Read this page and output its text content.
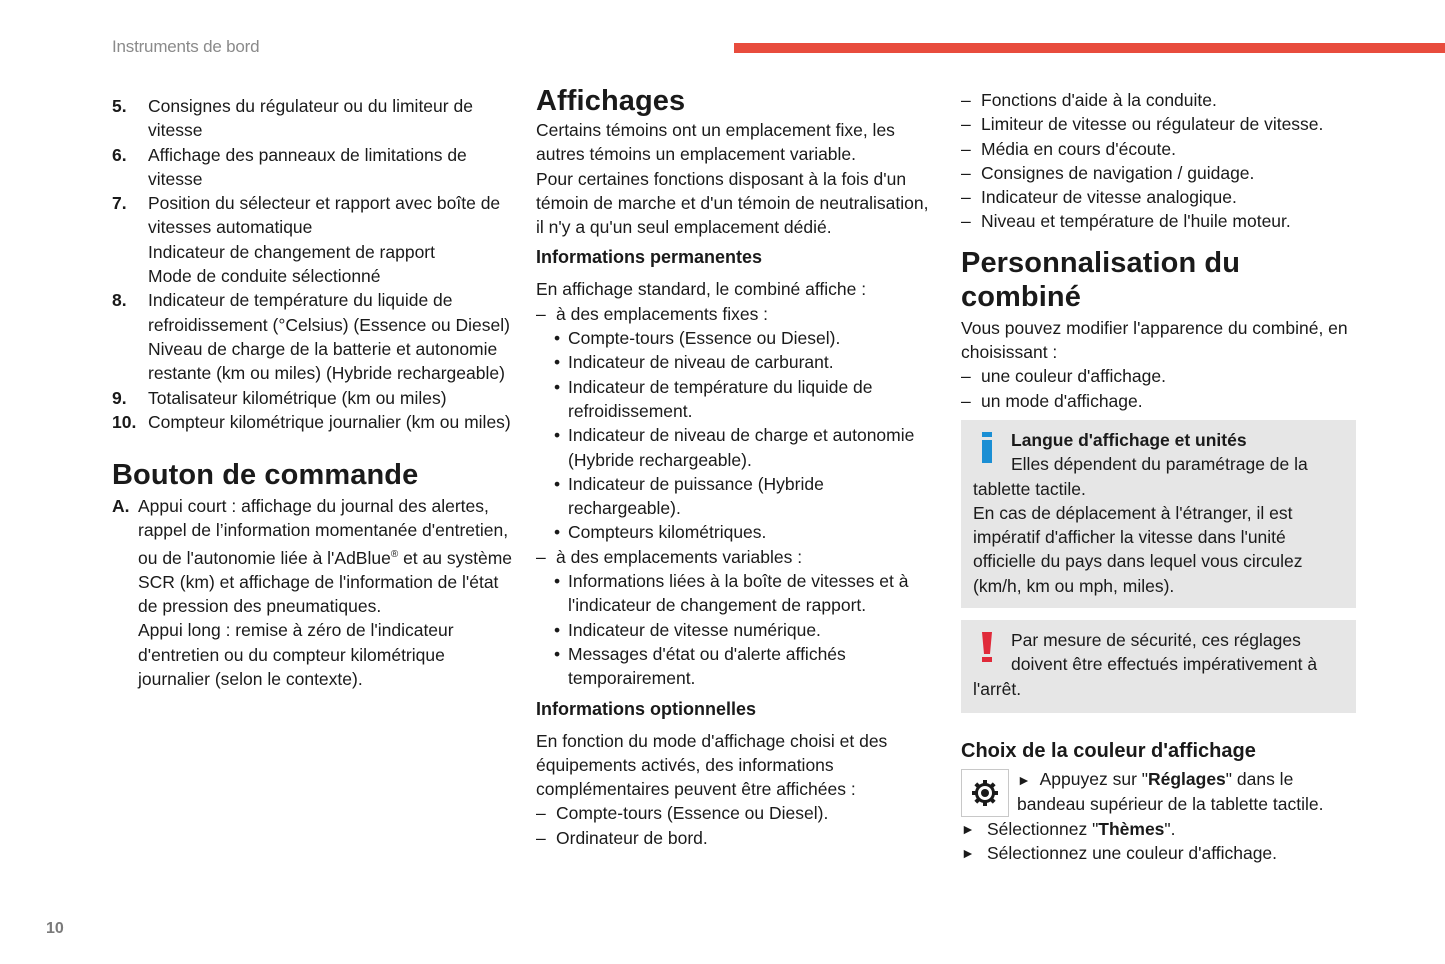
Instruments de bord
5.	Consignes du régulateur ou du limiteur de vitesse
6.	Affichage des panneaux de limitations de vitesse
7.	Position du sélecteur et rapport avec boîte de vitesses automatique
Indicateur de changement de rapport
Mode de conduite sélectionné
8.	Indicateur de température du liquide de refroidissement (°Celsius) (Essence ou Diesel)
Niveau de charge de la batterie et autonomie restante (km ou miles) (Hybride rechargeable)
9.	Totalisateur kilométrique (km ou miles)
10. Compteur kilométrique journalier (km ou miles)
Bouton de commande
A. Appui court : affichage du journal des alertes, rappel de l’information momentanée d'entretien, ou de l'autonomie liée à l'AdBlue® et au système SCR (km) et affichage de l'information de l'état de pression des pneumatiques.
Appui long : remise à zéro de l'indicateur d'entretien ou du compteur kilométrique journalier (selon le contexte).
Affichages

Certains témoins ont un emplacement fixe, les autres témoins un emplacement variable.

Pour certaines fonctions disposant à la fois d'un témoin de marche et d'un témoin de neutralisation, il n'y a qu'un seul emplacement dédié.

Informations permanentes

En affichage standard, le combiné affiche :

– à des emplacements fixes :
• Compte-tours (Essence ou Diesel).
• Indicateur de niveau de carburant.
• Indicateur de température du liquide de refroidissement.
• Indicateur de niveau de charge et autonomie (Hybride rechargeable).
• Indicateur de puissance (Hybride rechargeable).
• Compteurs kilométriques.
– à des emplacements variables :
• Informations liées à la boîte de vitesses et à l'indicateur de changement de rapport.
• Indicateur de vitesse numérique.
• Messages d'état ou d'alerte affichés temporairement.
Informations optionnelles

En fonction du mode d'affichage choisi et des équipements activés, des informations complémentaires peuvent être affichées :

– Compte-tours (Essence ou Diesel).
– Ordinateur de bord.
– Fonctions d'aide à la conduite.
– Limiteur de vitesse ou régulateur de vitesse.
– Média en cours d'écoute.
– Consignes de navigation / guidage.
– Indicateur de vitesse analogique.
– Niveau et température de l'huile moteur.
Personnalisation du combiné

Vous pouvez modifier l'apparence du combiné, en choisissant :

– une couleur d'affichage.
– un mode d'affichage.
Langue d'affichage et unités
Elles dépendent du paramétrage de la tablette tactile.
En cas de déplacement à l'étranger, il est impératif d'afficher la vitesse dans l'unité officielle du pays dans lequel vous circulez (km/h, km ou mph, miles).
Par mesure de sécurité, ces réglages doivent être effectués impérativement à l'arrêt.
Choix de la couleur d'affichage
► Appuyez sur "Réglages" dans le bandeau supérieur de la tablette tactile.
► Sélectionnez "Thèmes".
► Sélectionnez une couleur d'affichage.
10
